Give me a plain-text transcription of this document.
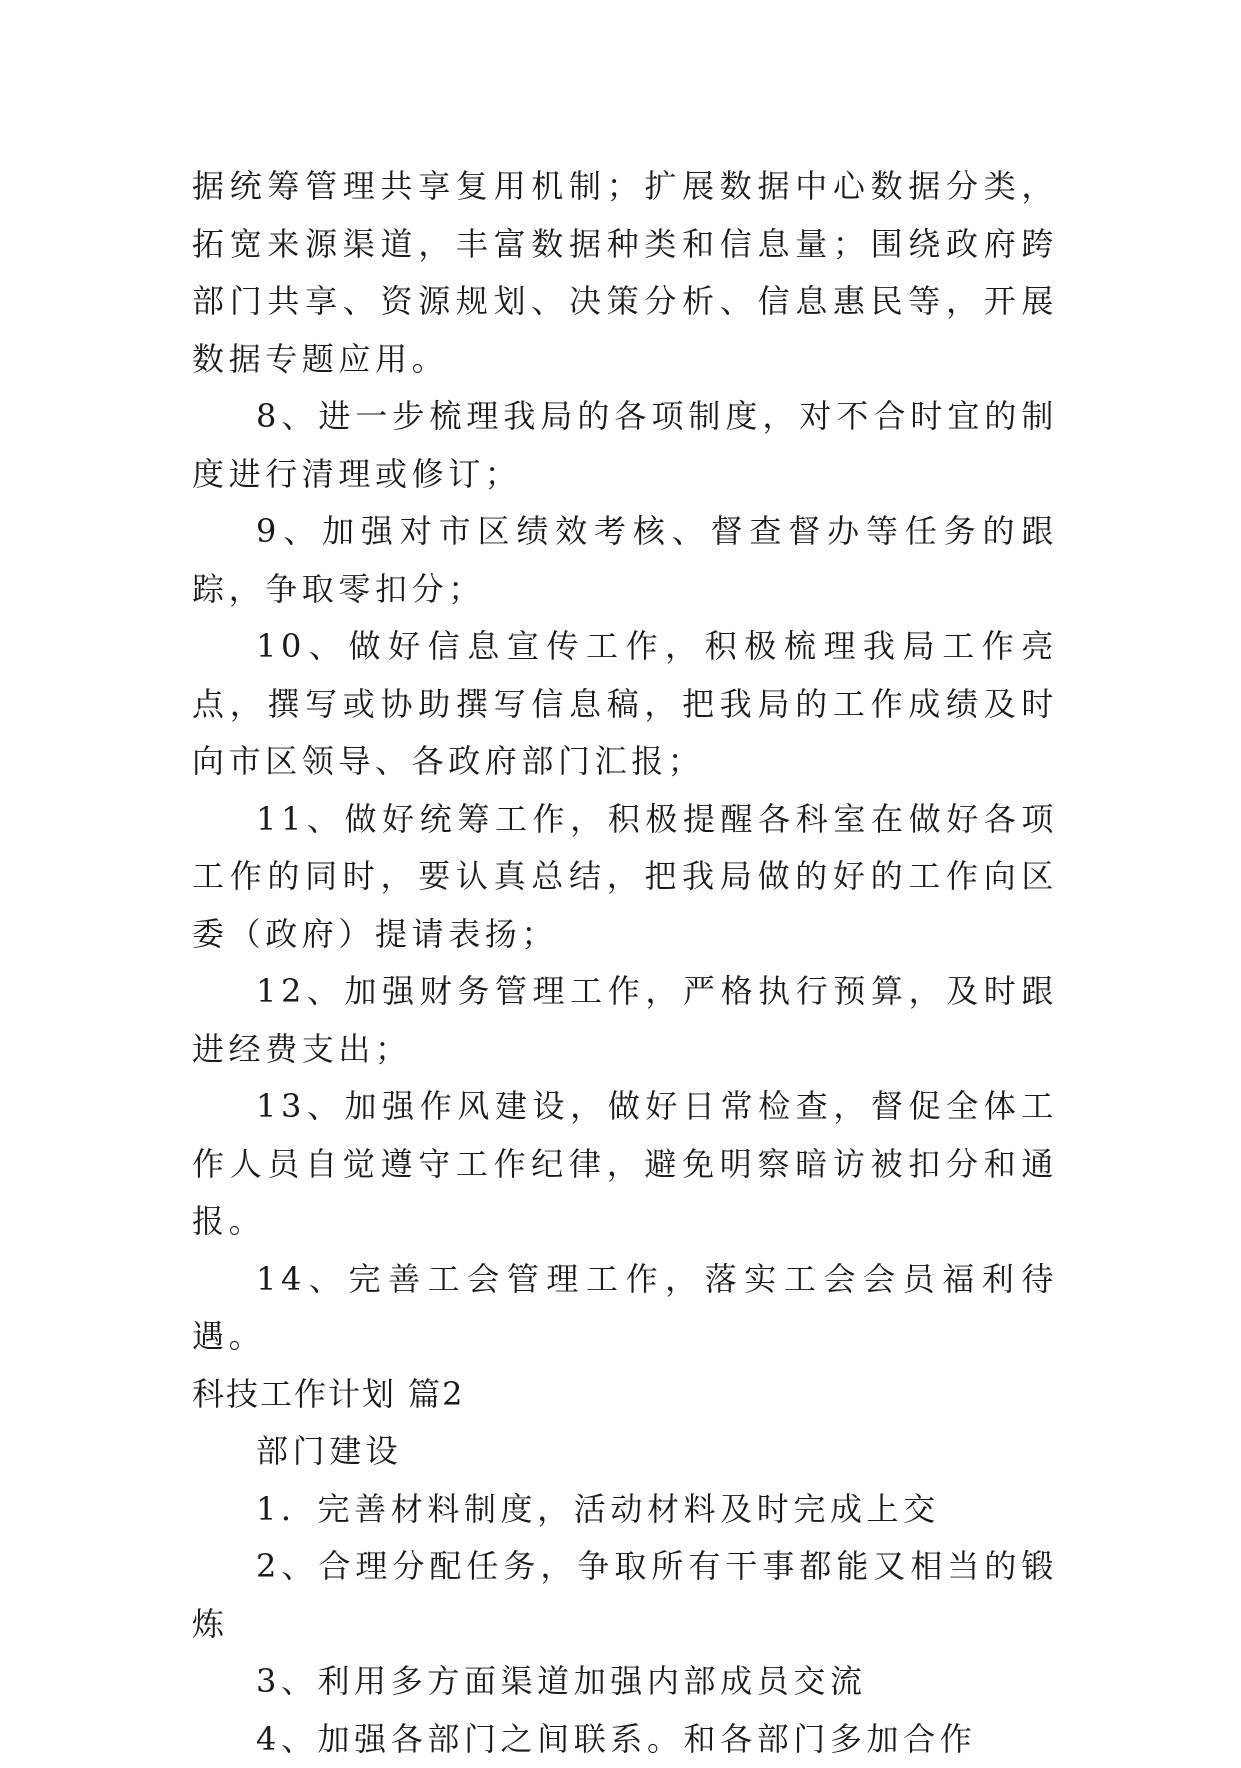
据统筹管理共享复用机制；扩展数据中心数据分类，拓宽来源渠道，丰富数据种类和信息量；围绕政府跨部门共享、资源规划、决策分析、信息惠民等，开展数据专题应用。

8、进一步梳理我局的各项制度，对不合时宜的制度进行清理或修订；

9、加强对市区绩效考核、督查督办等任务的跟踪，争取零扣分；

10、做好信息宣传工作，积极梳理我局工作亮点，撰写或协助撰写信息稿，把我局的工作成绩及时向市区领导、各政府部门汇报；

11、做好统筹工作，积极提醒各科室在做好各项工作的同时，要认真总结，把我局做的好的工作向区委（政府）提请表扬；

12、加强财务管理工作，严格执行预算，及时跟进经费支出；

13、加强作风建设，做好日常检查，督促全体工作人员自觉遵守工作纪律，避免明察暗访被扣分和通报。

14、完善工会管理工作，落实工会会员福利待遇。

科技工作计划 篇2

部门建设

1．完善材料制度，活动材料及时完成上交

2、合理分配任务，争取所有干事都能又相当的锻炼

3、利用多方面渠道加强内部成员交流

4、加强各部门之间联系。和各部门多加合作
